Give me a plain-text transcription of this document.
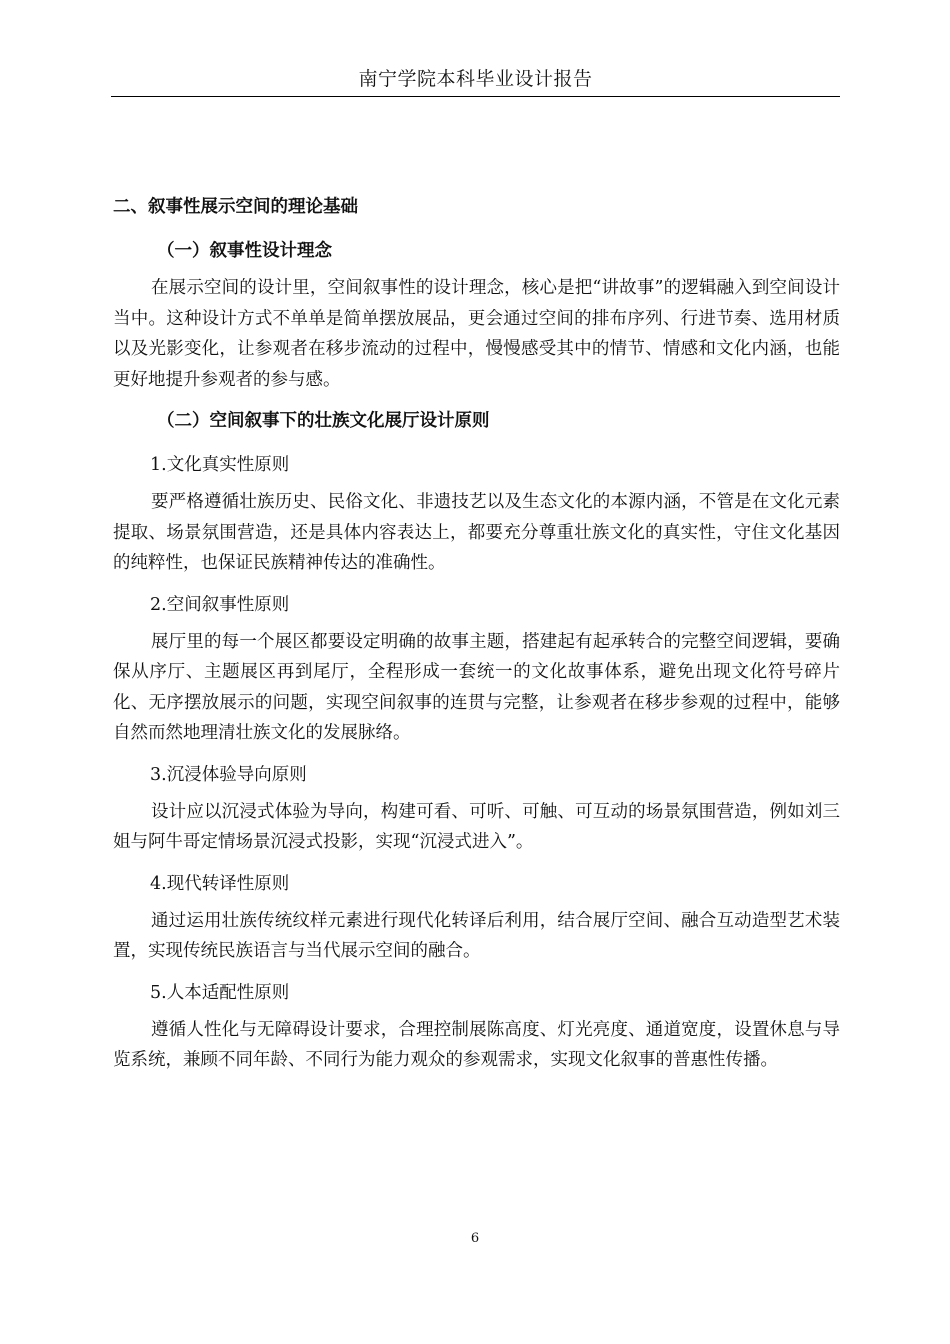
南宁学院本科毕业设计报告

二、叙事性展示空间的理论基础

（一）叙事性设计理念

在展示空间的设计里，空间叙事性的设计理念，核心是把“讲故事”的逻辑融入到空间设计当中。这种设计方式不单单是简单摆放展品，更会通过空间的排布序列、行进节奏、选用材质以及光影变化，让参观者在移步流动的过程中，慢慢感受其中的情节、情感和文化内涵，也能更好地提升参观者的参与感。

（二）空间叙事下的壮族文化展厅设计原则

1.文化真实性原则

要严格遵循壮族历史、民俗文化、非遗技艺以及生态文化的本源内涵，不管是在文化元素提取、场景氛围营造，还是具体内容表达上，都要充分尊重壮族文化的真实性，守住文化基因的纯粹性，也保证民族精神传达的准确性。

2.空间叙事性原则

展厅里的每一个展区都要设定明确的故事主题，搭建起有起承转合的完整空间逻辑，要确保从序厅、主题展区再到尾厅，全程形成一套统一的文化故事体系，避免出现文化符号碎片化、无序摆放展示的问题，实现空间叙事的连贯与完整，让参观者在移步参观的过程中，能够自然而然地理清壮族文化的发展脉络。

3.沉浸体验导向原则

设计应以沉浸式体验为导向，构建可看、可听、可触、可互动的场景氛围营造，例如刘三姐与阿牛哥定情场景沉浸式投影，实现“沉浸式进入”。

4.现代转译性原则

通过运用壮族传统纹样元素进行现代化转译后利用，结合展厅空间、融合互动造型艺术装置，实现传统民族语言与当代展示空间的融合。

5.人本适配性原则

遵循人性化与无障碍设计要求，合理控制展陈高度、灯光亮度、通道宽度，设置休息与导览系统，兼顾不同年龄、不同行为能力观众的参观需求，实现文化叙事的普惠性传播。

6
